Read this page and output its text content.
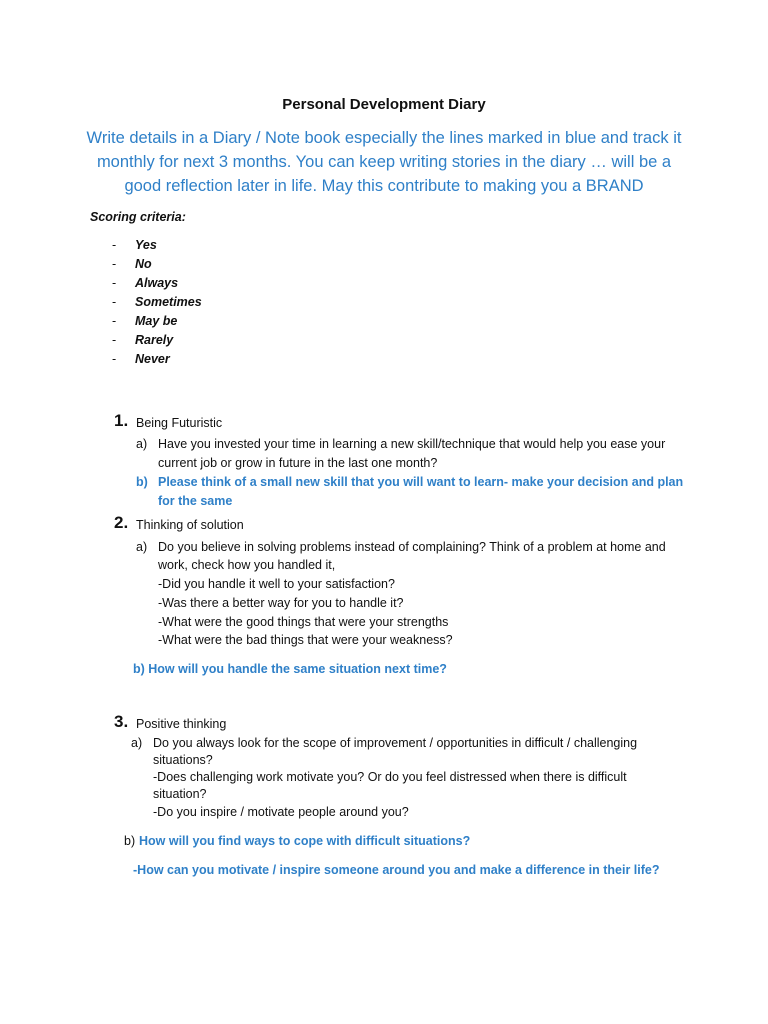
Personal Development Diary

Write details in a Diary / Note book especially the lines marked in blue and track it

monthly for next 3 months. You can keep writing stories in the diary … will be a

good reflection later in life. May this contribute to making you a BRAND

Scoring criteria:
- Yes
- No
- Always
- Sometimes
- May be
- Rarely
- Never
1. Being Futuristic
a) Have you invested your time in learning a new skill/technique that would help you ease your
current job or grow in future in the last one month?
b) Please think of a small new skill that you will want to learn- make your decision and plan
for the same
2. Thinking of solution
a) Do you believe in solving problems instead of complaining? Think of a problem at home and
work, check how you handled it,
-Did you handle it well to your satisfaction?
-Was there a better way for you to handle it?
-What were the good things that were your strengths
-What were the bad things that were your weakness?
b) How will you handle the same situation next time?
3. Positive thinking
a) Do you always look for the scope of improvement / opportunities in difficult / challenging
situations?
-Does challenging work motivate you? Or do you feel distressed when there is difficult
situation?
-Do you inspire / motivate people around you?
b) How will you find ways to cope with difficult situations?
-How can you motivate / inspire someone around you and make a difference in their life?
